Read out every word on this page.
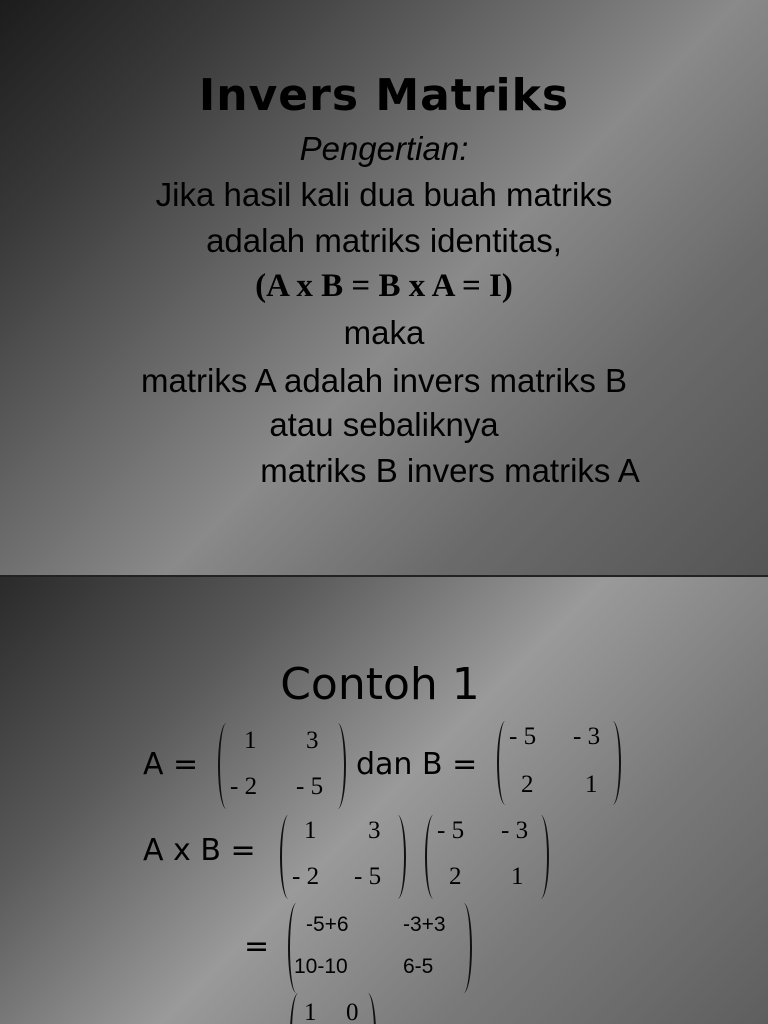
Invers Matriks
Pengertian:
Jika hasil kali dua buah matriks
adalah matriks identitas,
(A x B = B x A = I)
maka
matriks A adalah invers matriks B
atau sebaliknya
matriks B invers matriks A
Contoh 1
A =
1 3
- 2 - 5
dan B =
- 5 - 3
2 1
A x B =
1 3
- 2 - 5
- 5 - 3
2 1
=
-5+6	-3+3
10-10	6-5
1 0
